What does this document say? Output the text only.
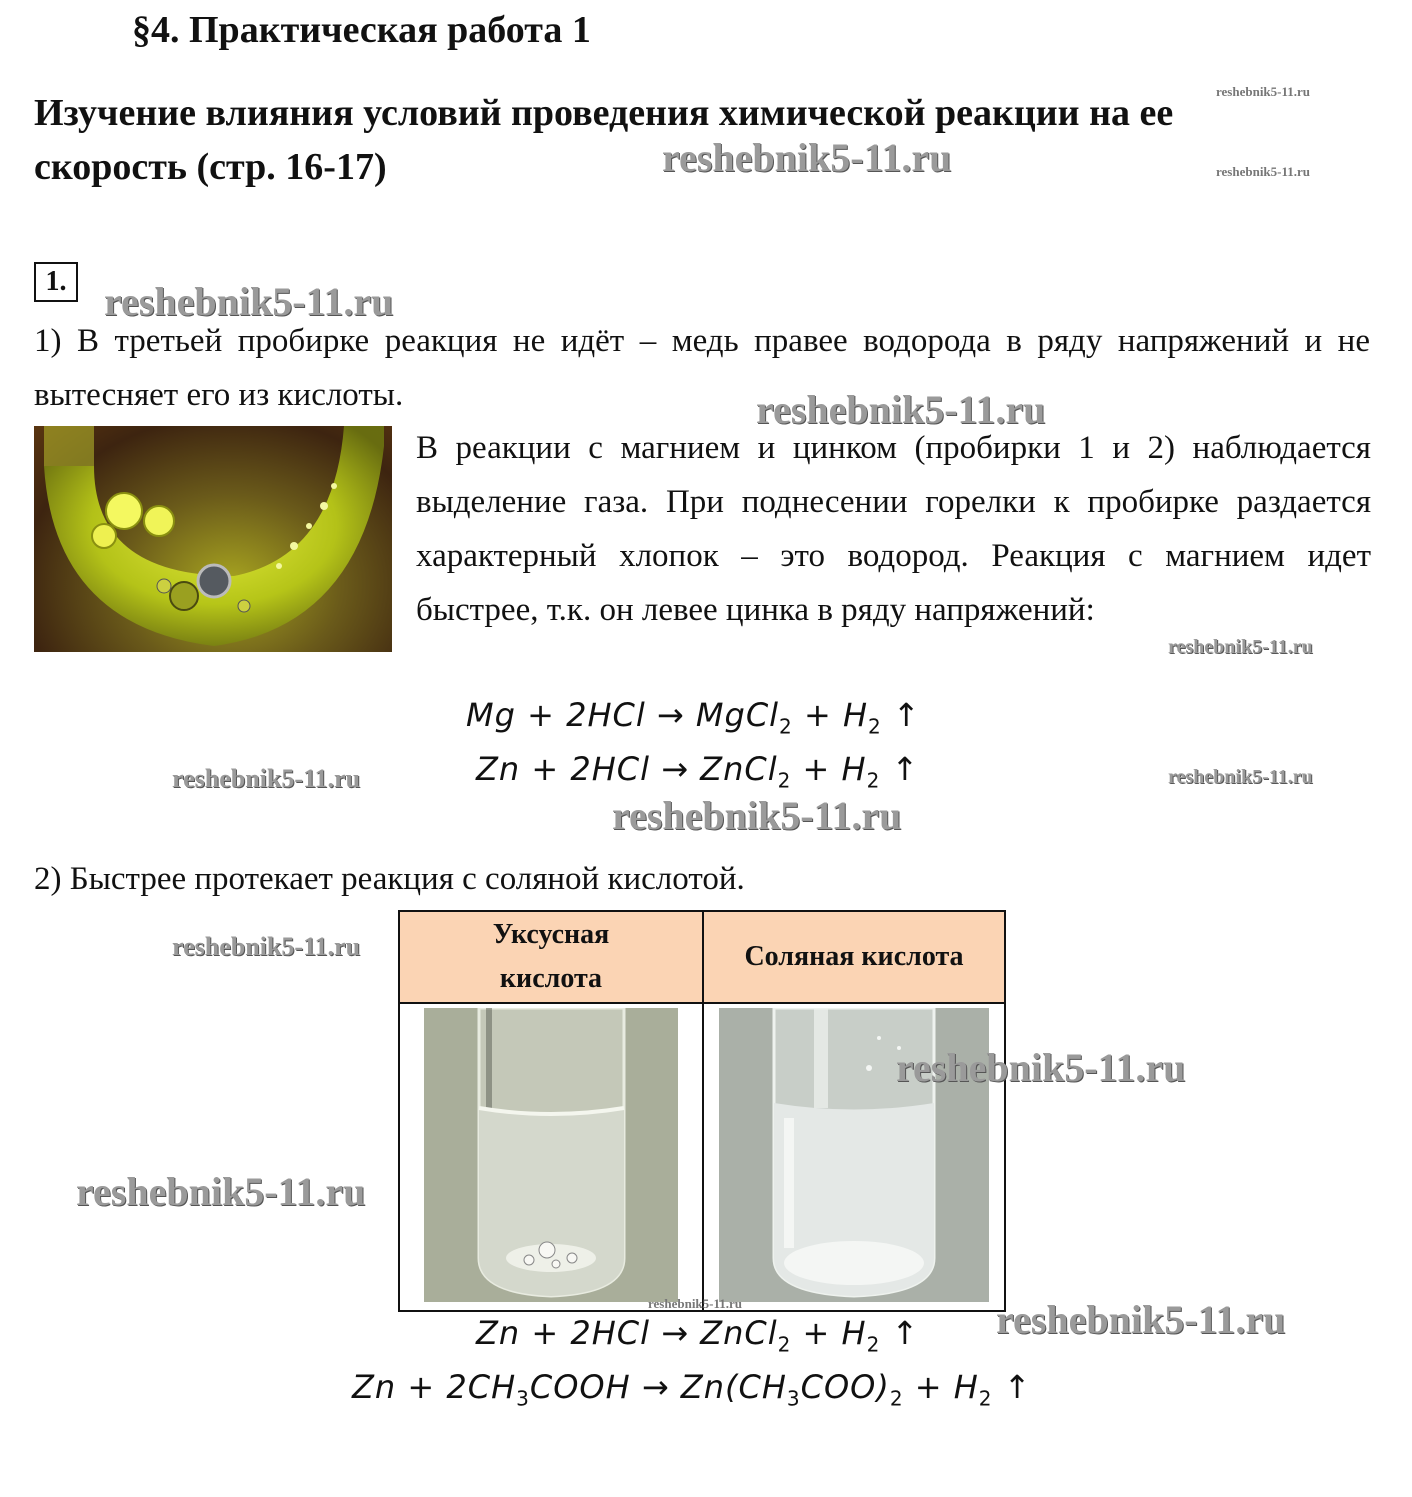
§4. Практическая работа 1
Изучение влияния условий проведения химической реакции на ее скорость (стр. 16-17)
reshebnik5-11.ru
reshebnik5-11.ru	reshebnik5-11.ru
1. reshebnik5-11.ru
1) В третьей пробирке реакция не идёт – медь правее водорода в ряду напряжений и не вытесняет его из кислоты.	reshebnik5-11.ru
В реакции с магнием и цинком (пробирки 1 и 2) наблюдается выделение газа. При поднесении горелки к пробирке раздается характерный хлопок – это водород. Реакция с магнием идет быстрее, т.к. он левее цинка в ряду напряжений:
reshebnik5-11.ru
Mg + 2HCl → MgCl$_2$ + $H_2$ ↑
Zn + 2HCl → ZnCl$_2$ + $H_2$ ↑
reshebnik5-11.ru	reshebnik5-11.ru
reshebnik5-11.ru
2) Быстрее протекает реакция с соляной кислотой.
reshebnik5-11.ru	Уксусная кислота	Соляная кислота

reshebnik5-11.ru
reshebnik5-11.ru
reshebnik5-11.ru	reshebnik5-11.ru
Zn + 2HCl → ZnCl$_2$ + $H_2$ ↑
$Zn + 2CH_3COOH \to Zn(CH_3COO)_2 + H_2$ ↑
